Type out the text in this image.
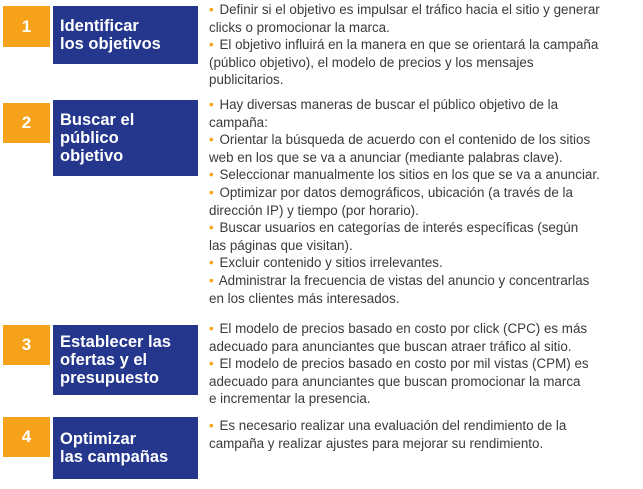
1	Identificar
los objetivos
• Definir si el objetivo es impulsar el tráfico hacia el sitio y generar
clicks o promocionar la marca.
• El objetivo influirá en la manera en que se orientará la campaña
(público objetivo), el modelo de precios y los mensajes
publicitarios.
2	Buscar el
público
objetivo
• Hay diversas maneras de buscar el público objetivo de la
campaña:
• Orientar la búsqueda de acuerdo con el contenido de los sitios
web en los que se va a anunciar (mediante palabras clave).
• Seleccionar manualmente los sitios en los que se va a anunciar.
• Optimizar por datos demográficos, ubicación (a través de la
dirección IP) y tiempo (por horario).
• Buscar usuarios en categorías de interés específicas (según
las páginas que visitan).
• Excluir contenido y sitios irrelevantes.
• Administrar la frecuencia de vistas del anuncio y concentrarlas
en los clientes más interesados.
3	Establecer las
ofertas y el
presupuesto
• El modelo de precios basado en costo por click (CPC) es más
adecuado para anunciantes que buscan atraer tráfico al sitio.
• El modelo de precios basado en costo por mil vistas (CPM) es
adecuado para anunciantes que buscan promocionar la marca
e incrementar la presencia.
4	Optimizar
las campañas
• Es necesario realizar una evaluación del rendimiento de la
campaña y realizar ajustes para mejorar su rendimiento.
